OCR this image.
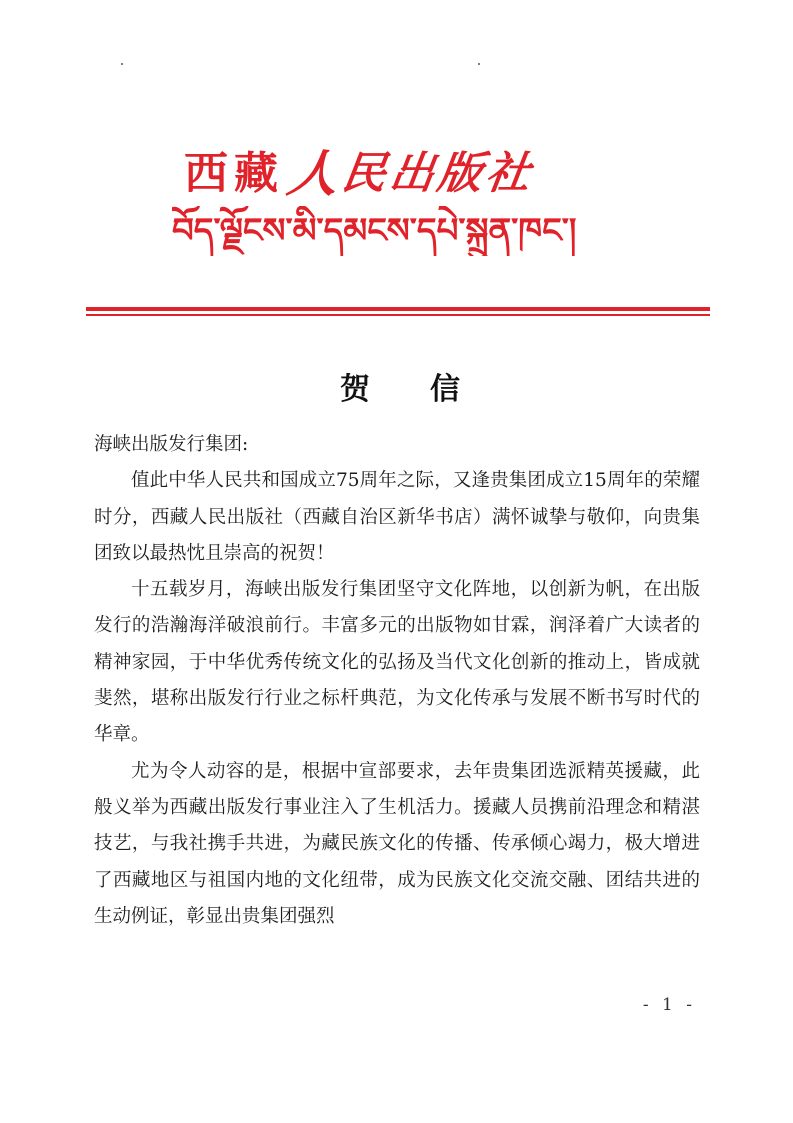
西藏 人
民
出
版
社
བོད་ལྗོངས་མི་དམངས་དཔེ་སྐྲུན་ཁང་།
贺信

海峡出版发行集团:

值此中华人民共和国成立75周年之际，又逢贵集团成立15周年的荣耀时分，西藏人民出版社（西藏自治区新华书店）满怀诚挚与敬仰，向贵集团致以最热忱且崇高的祝贺！

十五载岁月，海峡出版发行集团坚守文化阵地，以创新为帆，在出版发行的浩瀚海洋破浪前行。丰富多元的出版物如甘霖，润泽着广大读者的精神家园，于中华优秀传统文化的弘扬及当代文化创新的推动上，皆成就斐然，堪称出版发行行业之标杆典范，为文化传承与发展不断书写时代的华章。

尤为令人动容的是，根据中宣部要求，去年贵集团选派精英援藏，此般义举为西藏出版发行事业注入了生机活力。援藏人员携前沿理念和精湛技艺，与我社携手共进，为藏民族文化的传播、传承倾心竭力，极大增进了西藏地区与祖国内地的文化纽带，成为民族文化交流交融、团结共进的生动例证，彰显出贵集团强烈

- 1 -
